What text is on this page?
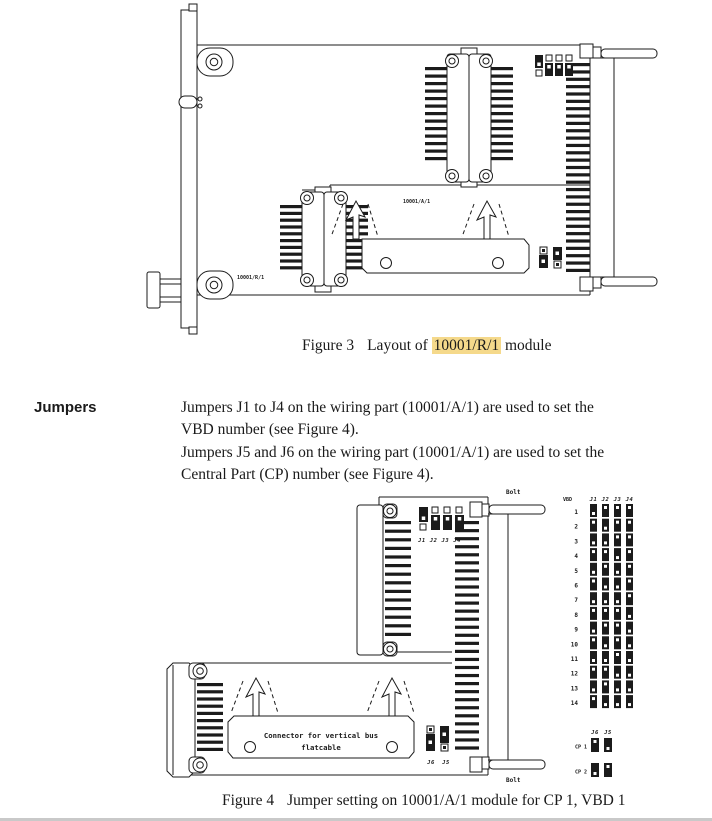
10001/A/1
10001/R/1
Bolt
Bolt
J1 J2 J3 J4
Connector for vertical bus
flatcable
J6 J5
VBD	J1 J2 J3 J4
1
2
3
4
5
6
7
8
9
10
11
12
13
14
J6 J5
CP 1
CP 2
Figure 3 Layout of 10001/R/1 module
Jumpers	Jumpers J1 to J4 on the wiring part (10001/A/1) are used to set the
VBD number (see Figure 4).
Jumpers J5 and J6 on the wiring part (10001/A/1) are used to set the
Central Part (CP) number (see Figure 4).
Figure 4 Jumper setting on 10001/A/1 module for CP 1, VBD 1
